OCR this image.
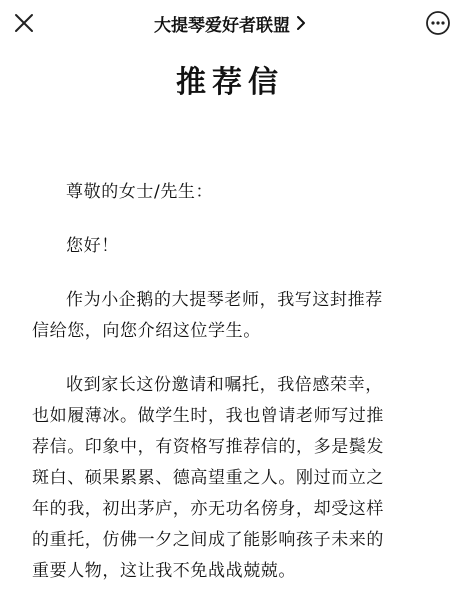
大提琴爱好者联盟
推荐信

尊敬的女士/先生：

您好！

作为小企鹅的大提琴老师，我写这封推荐
信给您，向您介绍这位学生。

收到家长这份邀请和嘱托，我倍感荣幸，
也如履薄冰。做学生时，我也曾请老师写过推
荐信。印象中，有资格写推荐信的，多是鬓发
斑白、硕果累累、德高望重之人。刚过而立之
年的我，初出茅庐，亦无功名傍身，却受这样
的重托，仿佛一夕之间成了能影响孩子未来的
重要人物，这让我不免战战兢兢。
